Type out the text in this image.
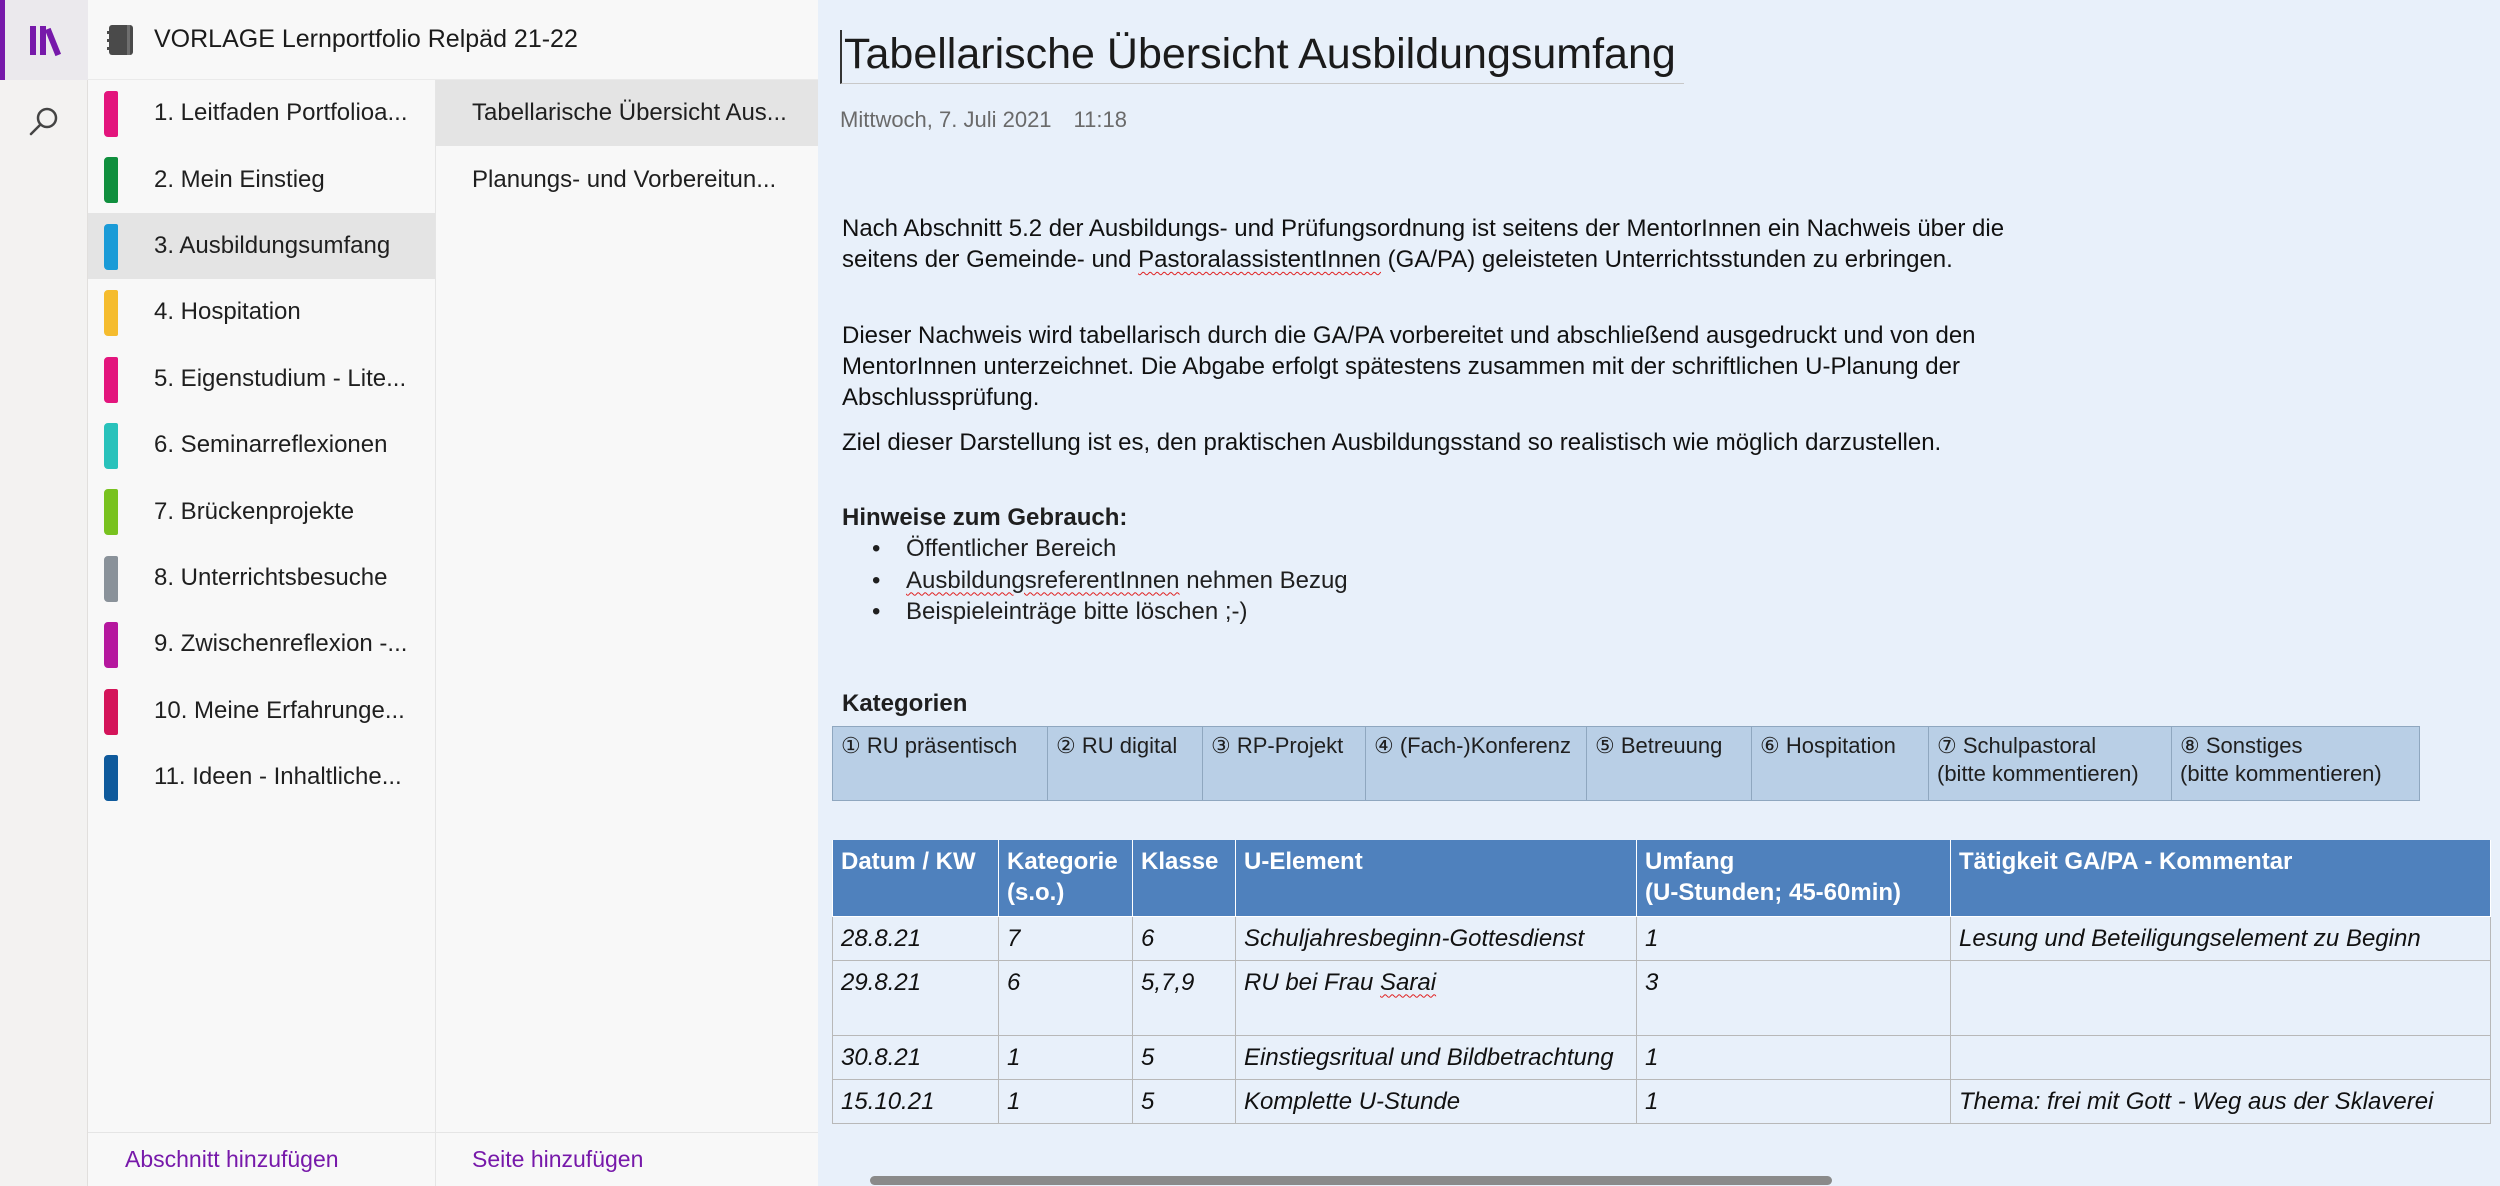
VORLAGE Lernportfolio Relpäd 21-22
1. Leitfaden Portfolioa...
2. Mein Einstieg
3. Ausbildungsumfang
4. Hospitation
5. Eigenstudium - Lite...
6. Seminarreflexionen
7. Brückenprojekte
8. Unterrichtsbesuche
9. Zwischenreflexion -...
10. Meine Erfahrunge...
11. Ideen - Inhaltliche...
Abschnitt hinzufügen
Tabellarische Übersicht Aus...
Planungs- und Vorbereitun...
Seite hinzufügen
Tabellarische Übersicht Ausbildungsumfang
Mittwoch, 7. Juli 2021 11:18

Nach Abschnitt 5.2 der Ausbildungs- und Prüfungsordnung ist seitens der MentorInnen ein Nachweis über die seitens der Gemeinde- und PastoralassistentInnen (GA/PA) geleisteten Unterrichtsstunden zu erbringen.

Dieser Nachweis wird tabellarisch durch die GA/PA vorbereitet und abschließend ausgedruckt und von den MentorInnen unterzeichnet. Die Abgabe erfolgt spätestens zusammen mit der schriftlichen U-Planung der Abschlussprüfung.

Ziel dieser Darstellung ist es, den praktischen Ausbildungsstand so realistisch wie möglich darzustellen.

Hinweise zum Gebrauch:
• Öffentlicher Bereich
• AusbildungsreferentInnen nehmen Bezug
• Beispieleinträge bitte löschen ;-)
Kategorien
① RU präsentisch	② RU digital	③ RP-Projekt	④ (Fach-)Konferenz	⑤ Betreuung	⑥ Hospitation	⑦ Schulpastoral
(bitte kommentieren)	⑧ Sonstiges
(bitte kommentieren)
Datum / KW	Kategorie
(s.o.)	Klasse	U-Element	Umfang
(U-Stunden; 45-60min)	Tätigkeit GA/PA - Kommentar
28.8.21	7	6	Schuljahresbeginn-Gottesdienst	1	Lesung und Beteiligungselement zu Beginn
29.8.21	6	5,7,9	RU bei Frau Sarai	3	
30.8.21	1	5	Einstiegsritual und Bildbetrachtung	1	
15.10.21	1	5	Komplette U-Stunde	1	Thema: frei mit Gott - Weg aus der Sklaverei
